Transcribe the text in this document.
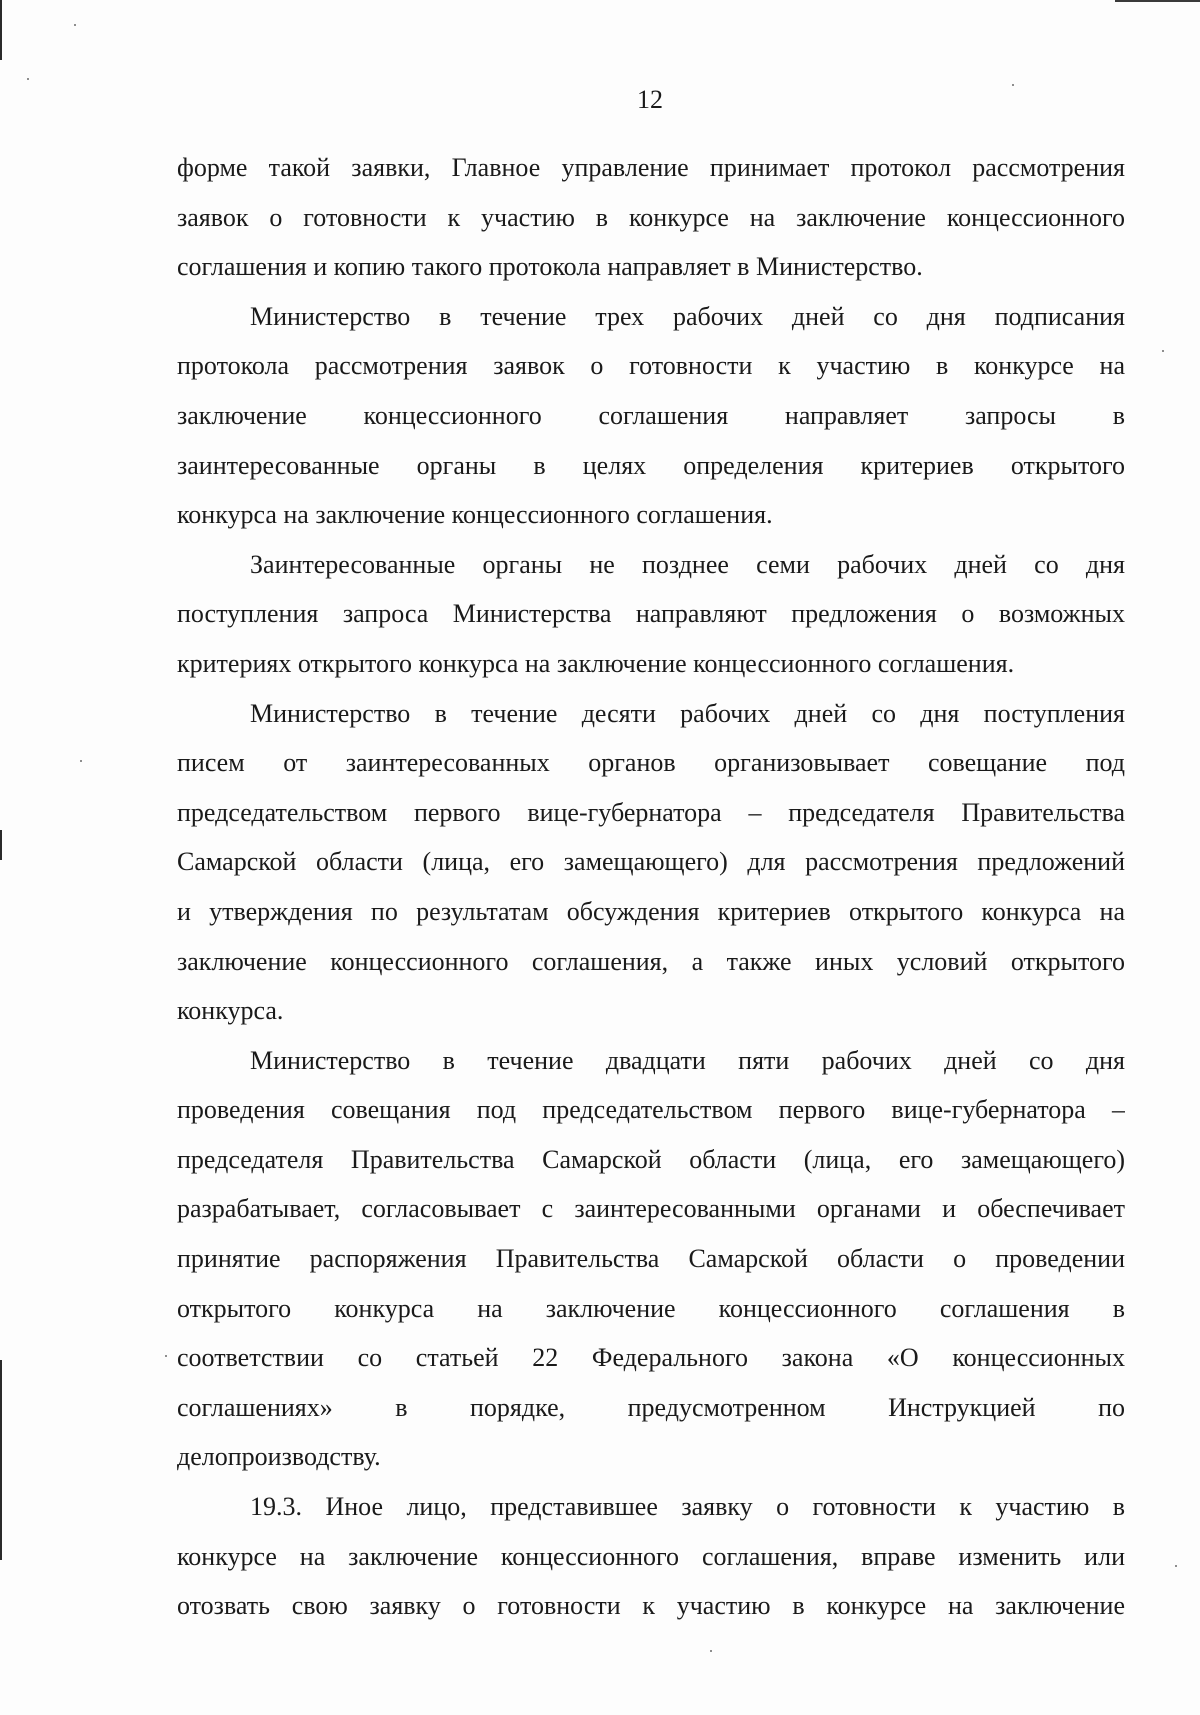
12
форме такой заявки, Главное управление принимает протокол рассмотрения
заявок о готовности к участию в конкурсе на заключение концессионного
соглашения и копию такого протокола направляет в Министерство.
Министерство в течение трех рабочих дней со дня подписания
протокола рассмотрения заявок о готовности к участию в конкурсе на
заключение концессионного соглашения направляет запросы в
заинтересованные органы в целях определения критериев открытого
конкурса на заключение концессионного соглашения.
Заинтересованные органы не позднее семи рабочих дней со дня
поступления запроса Министерства направляют предложения о возможных
критериях открытого конкурса на заключение концессионного соглашения.
Министерство в течение десяти рабочих дней со дня поступления
писем от заинтересованных органов организовывает совещание под
председательством первого вице-губернатора – председателя Правительства
Самарской области (лица, его замещающего) для рассмотрения предложений
и утверждения по результатам обсуждения критериев открытого конкурса на
заключение концессионного соглашения, а также иных условий открытого
конкурса.
Министерство в течение двадцати пяти рабочих дней со дня
проведения совещания под председательством первого вице-губернатора –
председателя Правительства Самарской области (лица, его замещающего)
разрабатывает, согласовывает с заинтересованными органами и обеспечивает
принятие распоряжения Правительства Самарской области о проведении
открытого конкурса на заключение концессионного соглашения в
соответствии со статьей 22 Федерального закона «О концессионных
соглашениях» в порядке, предусмотренном Инструкцией по
делопроизводству.
19.3. Иное лицо, представившее заявку о готовности к участию в
конкурсе на заключение концессионного соглашения, вправе изменить или
отозвать свою заявку о готовности к участию в конкурсе на заключение
